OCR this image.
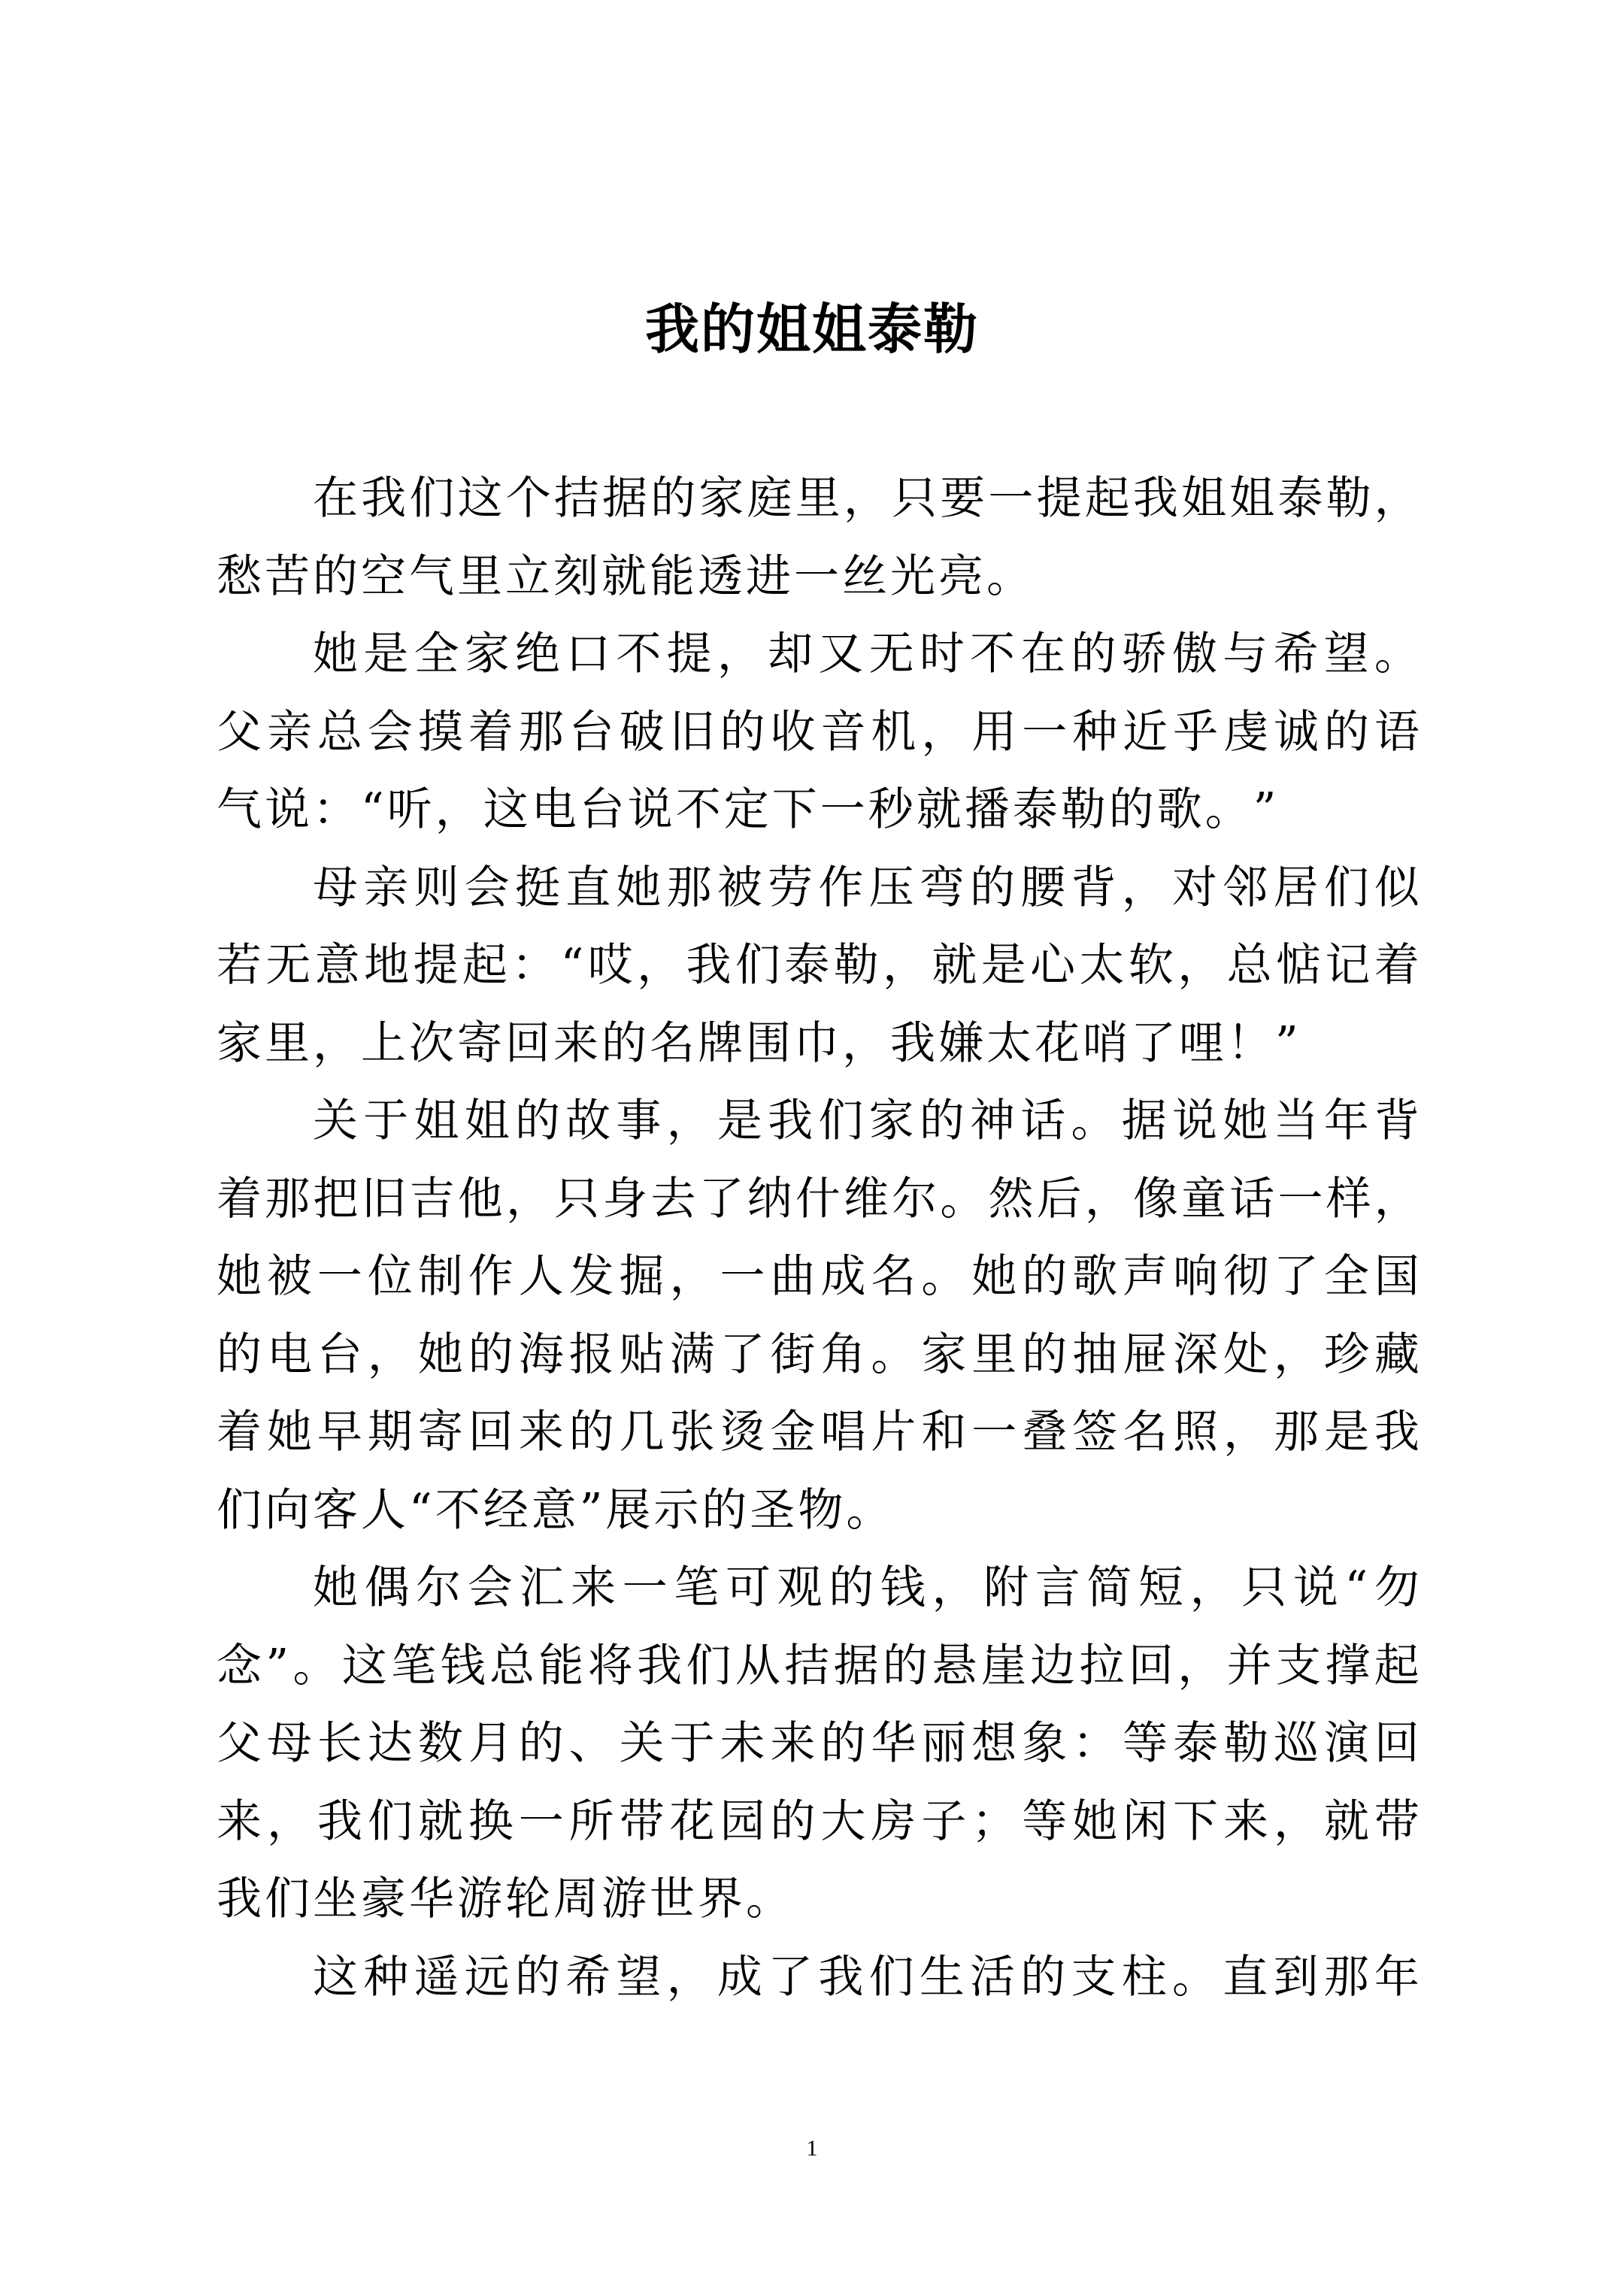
我的姐姐泰勒
在 我 们 这 个 拮 据 的 家 庭 里 ， 只 要 一 提 起 我 姐 姐 泰 勒 ，
愁 苦 的 空 气 里 立 刻 就 能 透 进 一 丝 光 亮 。
她 是 全 家 绝 口 不 提 ， 却 又 无 时 不 在 的 骄 傲 与 希 望 。
父 亲 总 会 摸 着 那 台 破 旧 的 收 音 机 ， 用 一 种 近 乎 虔 诚 的 语
气 说 ： “ 听 ， 这 电 台 说 不 定 下 一 秒 就 播 泰 勒 的 歌 。 ”
母 亲 则 会 挺 直 她 那 被 劳 作 压 弯 的 腰 背 ， 对 邻 居 们 似
若 无 意 地 提 起 ： “ 哎 ， 我 们 泰 勒 ， 就 是 心 太 软 ， 总 惦 记 着
家 里 ， 上 次 寄 回 来 的 名 牌 围 巾 ， 我 嫌 太 花 哨 了 哩 ！ ”
关 于 姐 姐 的 故 事 ， 是 我 们 家 的 神 话 。 据 说 她 当 年 背
着 那 把 旧 吉 他 ， 只 身 去 了 纳 什 维 尔 。 然 后 ， 像 童 话 一 样 ，
她 被 一 位 制 作 人 发 掘 ， 一 曲 成 名 。 她 的 歌 声 响 彻 了 全 国
的 电 台 ， 她 的 海 报 贴 满 了 街 角 。 家 里 的 抽 屉 深 处 ， 珍 藏
着 她 早 期 寄 回 来 的 几 张 烫 金 唱 片 和 一 叠 签 名 照 ， 那 是 我
们 向 客 人 “ 不 经 意 ” 展 示 的 圣 物 。
她 偶 尔 会 汇 来 一 笔 可 观 的 钱 ， 附 言 简 短 ， 只 说 “ 勿
念 ” 。 这 笔 钱 总 能 将 我 们 从 拮 据 的 悬 崖 边 拉 回 ， 并 支 撑 起
父 母 长 达 数 月 的 、 关 于 未 来 的 华 丽 想 象 ： 等 泰 勒 巡 演 回
来 ， 我 们 就 换 一 所 带 花 园 的 大 房 子 ； 等 她 闲 下 来 ， 就 带
我 们 坐 豪 华 游 轮 周 游 世 界 。
这 种 遥 远 的 希 望 ， 成 了 我 们 生 活 的 支 柱 。 直 到 那 年
1
